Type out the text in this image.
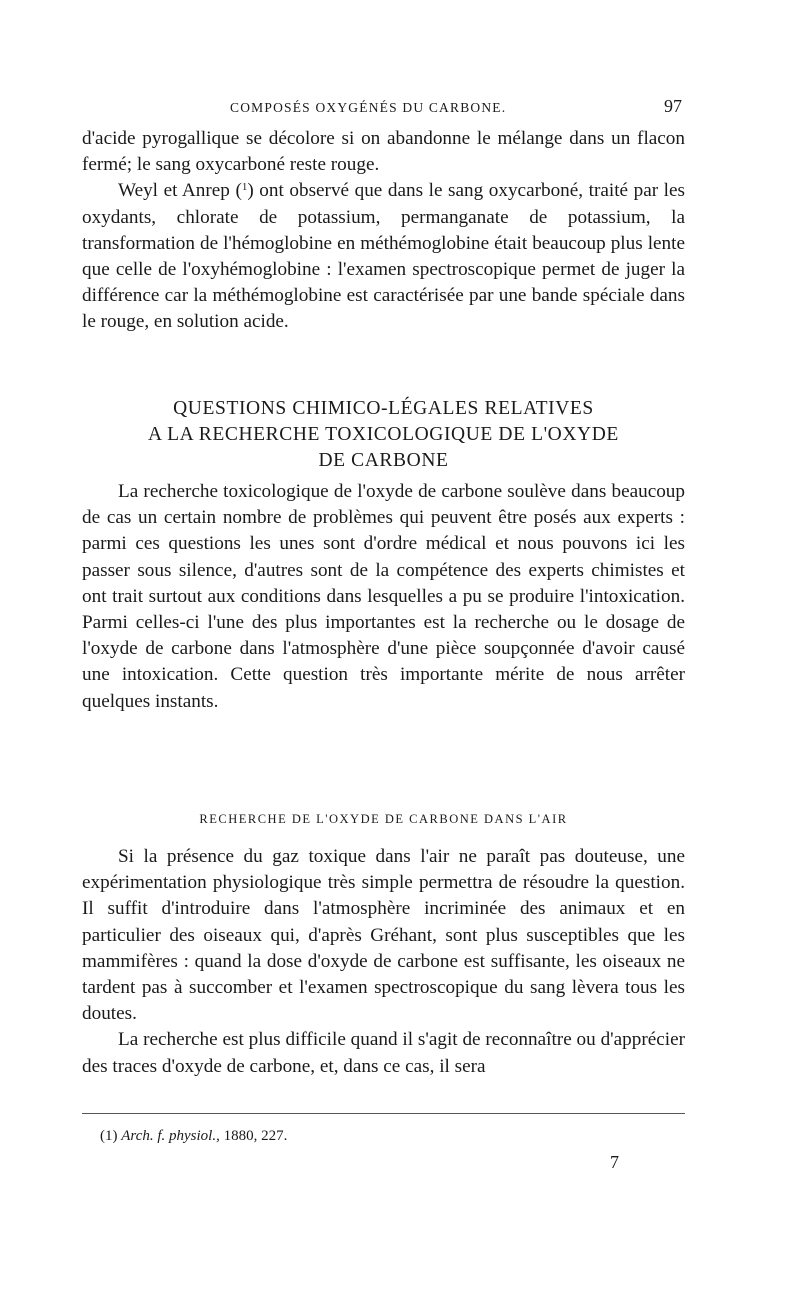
COMPOSÉS OXYGÉNÉS DU CARBONE.	97

d'acide pyrogallique se décolore si on abandonne le mélange dans un flacon fermé; le sang oxycarboné reste rouge.

Weyl et Anrep ($^1$) ont observé que dans le sang oxycarboné, traité par les oxydants, chlorate de potassium, permanganate de potassium, la transformation de l'hémoglobine en méthémoglobine était beaucoup plus lente que celle de l'oxyhémoglobine : l'examen spectroscopique permet de juger la différence car la méthémoglobine est caractérisée par une bande spéciale dans le rouge, en solution acide.

QUESTIONS CHIMICO-LÉGALES RELATIVES
A LA RECHERCHE TOXICOLOGIQUE DE L'OXYDE
DE CARBONE

La recherche toxicologique de l'oxyde de carbone soulève dans beaucoup de cas un certain nombre de problèmes qui peuvent être posés aux experts : parmi ces questions les unes sont d'ordre médical et nous pouvons ici les passer sous silence, d'autres sont de la compétence des experts chimistes et ont trait surtout aux conditions dans lesquelles a pu se produire l'intoxication. Parmi celles-ci l'une des plus importantes est la recherche ou le dosage de l'oxyde de carbone dans l'atmosphère d'une pièce soupçonnée d'avoir causé une intoxication. Cette question très importante mérite de nous arrêter quelques instants.

RECHERCHE DE L'OXYDE DE CARBONE DANS L'AIR

Si la présence du gaz toxique dans l'air ne paraît pas douteuse, une expérimentation physiologique très simple permettra de résoudre la question. Il suffit d'introduire dans l'atmosphère incriminée des animaux et en particulier des oiseaux qui, d'après Gréhant, sont plus susceptibles que les mammifères : quand la dose d'oxyde de carbone est suffisante, les oiseaux ne tardent pas à succomber et l'examen spectroscopique du sang lèvera tous les doutes.

La recherche est plus difficile quand il s'agit de reconnaître ou d'apprécier des traces d'oxyde de carbone, et, dans ce cas, il sera

(1) Arch. f. physiol., 1880, 227.
7
